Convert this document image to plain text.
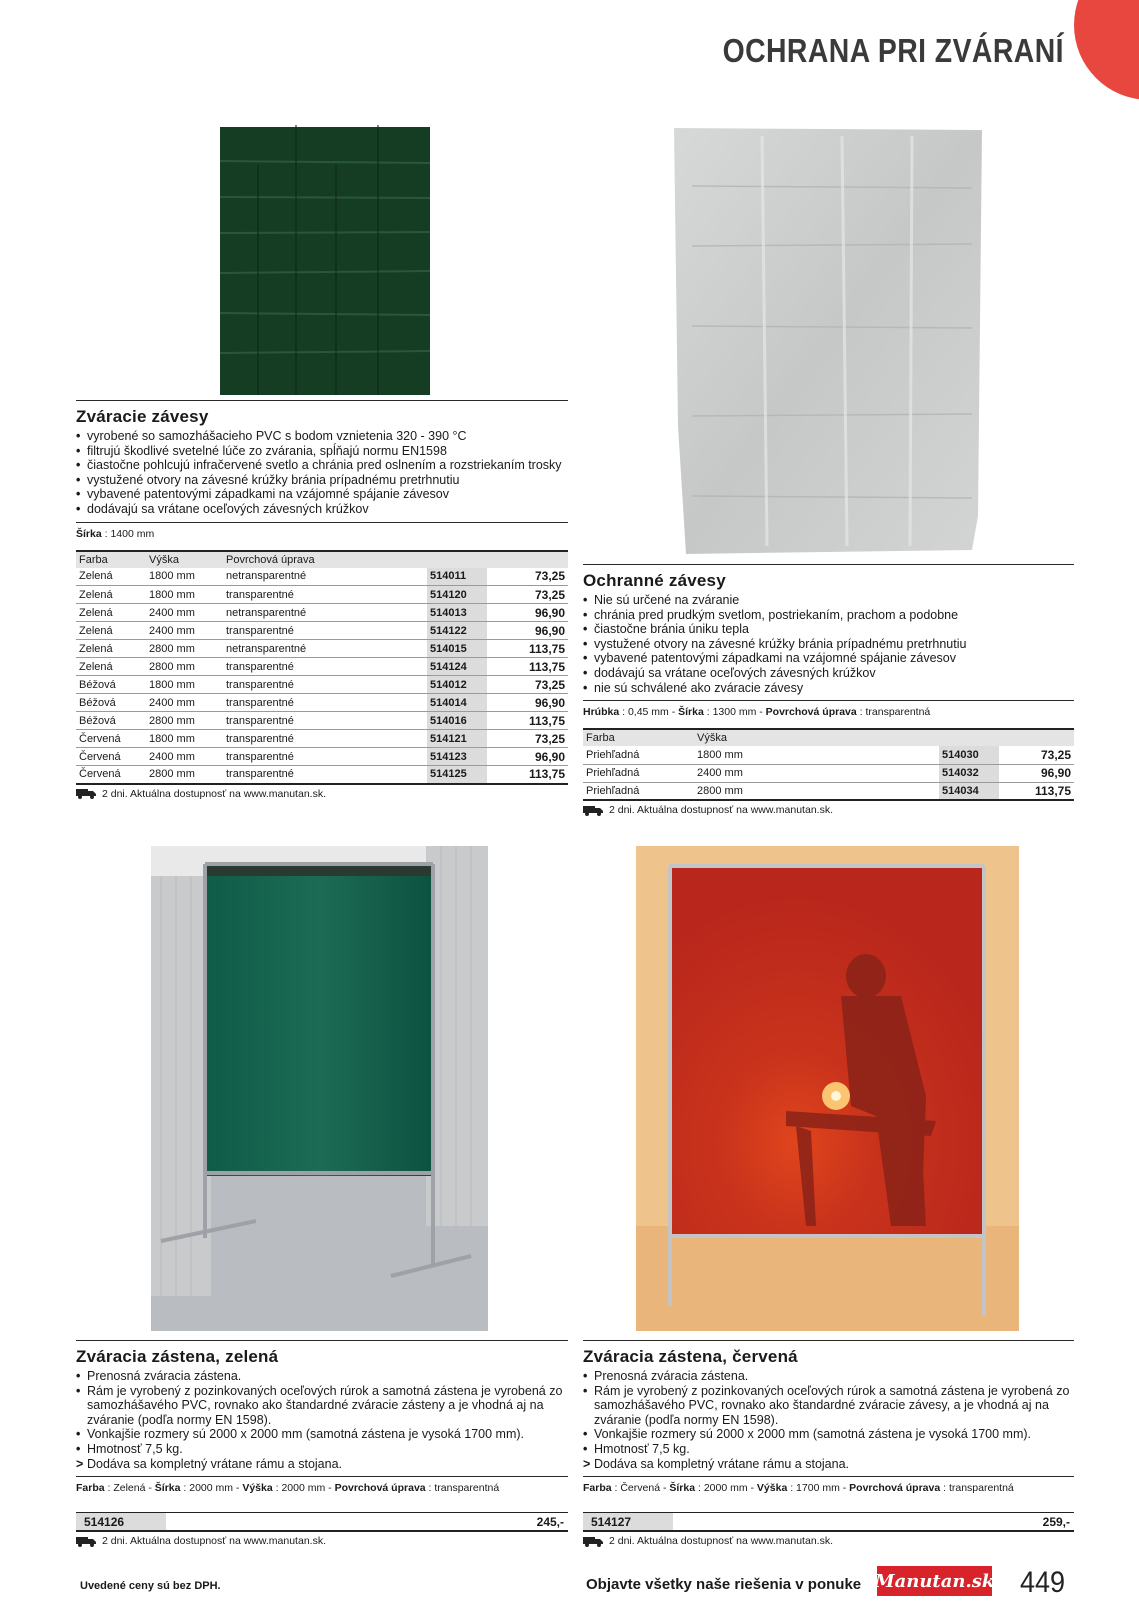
OCHRANA PRI ZVÁRANÍ
Zváracie závesy
• vyrobené so samozhášacieho PVC s bodom vznietenia 320 - 390 °C
• filtrujú škodlivé svetelné lúče zo zvárania, spĺňajú normu EN1598
• čiastočne pohlcujú infračervené svetlo a chránia pred oslnením a rozstriekaním trosky
• vystužené otvory na závesné krúžky bránia prípadnému pretrhnutiu
• vybavené patentovými západkami na vzájomné spájanie závesov
• dodávajú sa vrátane oceľových závesných krúžkov
Šírka : 1400 mm
Farba	Výška	Povrchová úprava		
Zelená	1800 mm	netransparentné	514011	73,25
Zelená	1800 mm	transparentné	514120	73,25
Zelená	2400 mm	netransparentné	514013	96,90
Zelená	2400 mm	transparentné	514122	96,90
Zelená	2800 mm	netransparentné	514015	113,75
Zelená	2800 mm	transparentné	514124	113,75
Béžová	1800 mm	transparentné	514012	73,25
Béžová	2400 mm	transparentné	514014	96,90
Béžová	2800 mm	transparentné	514016	113,75
Červená	1800 mm	transparentné	514121	73,25
Červená	2400 mm	transparentné	514123	96,90
Červená	2800 mm	transparentné	514125	113,75
2 dni. Aktuálna dostupnosť na www.manutan.sk.
Ochranné závesy
• Nie sú určené na zváranie
• chránia pred prudkým svetlom, postriekaním, prachom a podobne
• čiastočne bránia úniku tepla
• vystužené otvory na závesné krúžky bránia prípadnému pretrhnutiu
• vybavené patentovými západkami na vzájomné spájanie závesov
• dodávajú sa vrátane oceľových závesných krúžkov
• nie sú schválené ako zváracie závesy
Hrúbka : 0,45 mm - Šírka : 1300 mm - Povrchová úprava : transparentná
Farba	Výška		
Priehľadná	1800 mm	514030	73,25
Priehľadná	2400 mm	514032	96,90
Priehľadná	2800 mm	514034	113,75
2 dni. Aktuálna dostupnosť na www.manutan.sk.
Zváracia zástena, zelená
• Prenosná zváracia zástena.
• Rám je vyrobený z pozinkovaných oceľových rúrok a samotná zástena je vyrobená zo samozhášavého PVC, rovnako ako štandardné zváracie zásteny a je vhodná aj na zváranie (podľa normy EN 1598).
• Vonkajšie rozmery sú 2000 x 2000 mm (samotná zástena je vysoká 1700 mm).
• Hmotnosť 7,5 kg.
> Dodáva sa kompletný vrátane rámu a stojana.
Farba : Zelená - Šírka : 2000 mm - Výška : 2000 mm - Povrchová úprava : transparentná
514126	245,-
2 dni. Aktuálna dostupnosť na www.manutan.sk.
Zváracia zástena, červená
• Prenosná zváracia zástena.
• Rám je vyrobený z pozinkovaných oceľových rúrok a samotná zástena je vyrobená zo samozhášavého PVC, rovnako ako štandardné zváracie závesy, a je vhodná aj na zváranie (podľa normy EN 1598).
• Vonkajšie rozmery sú 2000 x 2000 mm (samotná zástena je vysoká 1700 mm).
• Hmotnosť 7,5 kg.
> Dodáva sa kompletný vrátane rámu a stojana.
Farba : Červená - Šírka : 2000 mm - Výška : 1700 mm - Povrchová úprava : transparentná
514127	259,-
2 dni. Aktuálna dostupnosť na www.manutan.sk.
Uvedené ceny sú bez DPH.	Objavte všetky naše riešenia v ponuke Manutan.sk 449
